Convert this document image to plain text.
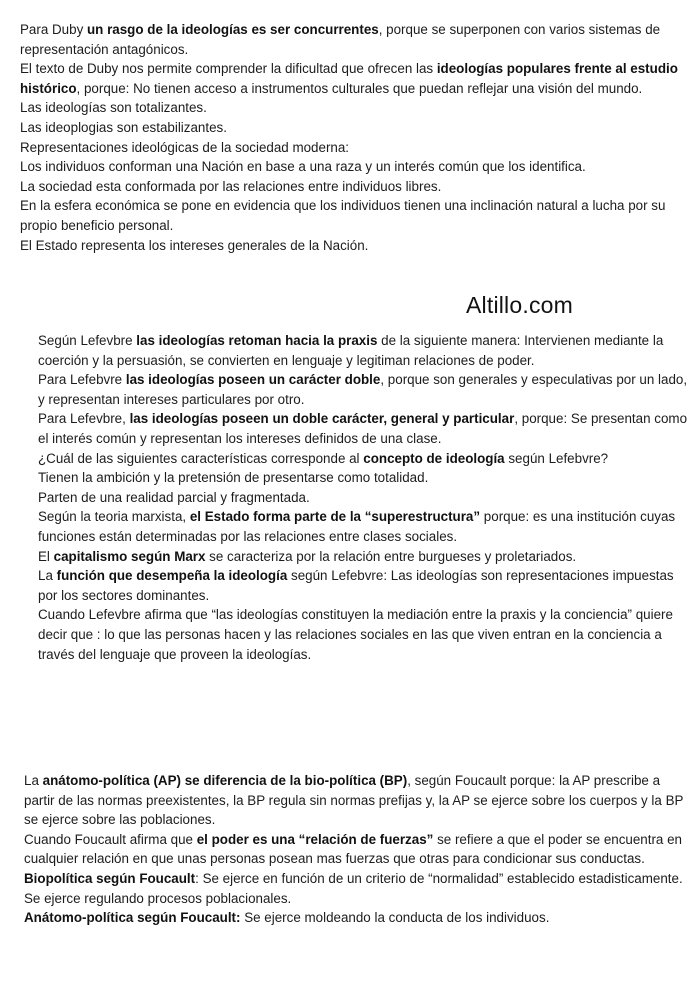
Para Duby un rasgo de la ideologías es ser concurrentes, porque se superponen con varios sistemas de representación antagónicos.

El texto de Duby nos permite comprender la dificultad que ofrecen las ideologías populares frente al estudio histórico, porque: No tienen acceso a instrumentos culturales que puedan reflejar una visión del mundo.

Las ideologías son totalizantes.

Las ideoplogias son estabilizantes.

Representaciones ideológicas de la sociedad moderna:

Los individuos conforman una Nación en base a una raza y un interés común que los identifica.

La sociedad esta conformada por las relaciones entre individuos libres.

En la esfera económica se pone en evidencia que los individuos tienen una inclinación natural a lucha por su propio beneficio personal.

El Estado representa los intereses generales de la Nación.

Altillo.com

Según Lefevbre las ideologías retoman hacia la praxis de la siguiente manera: Intervienen mediante la coerción y la persuasión, se convierten en lenguaje y legitiman relaciones de poder.

Para Lefebvre las ideologías poseen un carácter doble, porque son generales y especulativas por un lado, y representan intereses particulares por otro.

Para Lefevbre, las ideologías poseen un doble carácter, general y particular, porque: Se presentan como el interés común y representan los intereses definidos de una clase.

¿Cuál de las siguientes características corresponde al concepto de ideología según Lefebvre?

Tienen la ambición y la pretensión de presentarse como totalidad.

Parten de una realidad parcial y fragmentada.

Según la teoria marxista, el Estado forma parte de la “superestructura” porque: es una institución cuyas funciones están determinadas por las relaciones entre clases sociales.

El capitalismo según Marx se caracteriza por la relación entre burgueses y proletariados.

La función que desempeña la ideología según Lefebvre: Las ideologías son representaciones impuestas por los sectores dominantes.

Cuando Lefevbre afirma que “las ideologías constituyen la mediación entre la praxis y la conciencia” quiere decir que : lo que las personas hacen y las relaciones sociales en las que viven entran en la conciencia a través del lenguaje que proveen la ideologías.

La anátomo-política (AP) se diferencia de la bio-política (BP), según Foucault porque: la AP prescribe a partir de las normas preexistentes, la BP regula sin normas prefijas y, la AP se ejerce sobre los cuerpos y la BP se ejerce sobre las poblaciones.

Cuando Foucault afirma que el poder es una “relación de fuerzas” se refiere a que el poder se encuentra en cualquier relación en que unas personas posean mas fuerzas que otras para condicionar sus conductas.

Biopolítica según Foucault: Se ejerce en función de un criterio de “normalidad” establecido estadisticamente.

Se ejerce regulando procesos poblacionales.

Anátomo-política según Foucault: Se ejerce moldeando la conducta de los individuos.
